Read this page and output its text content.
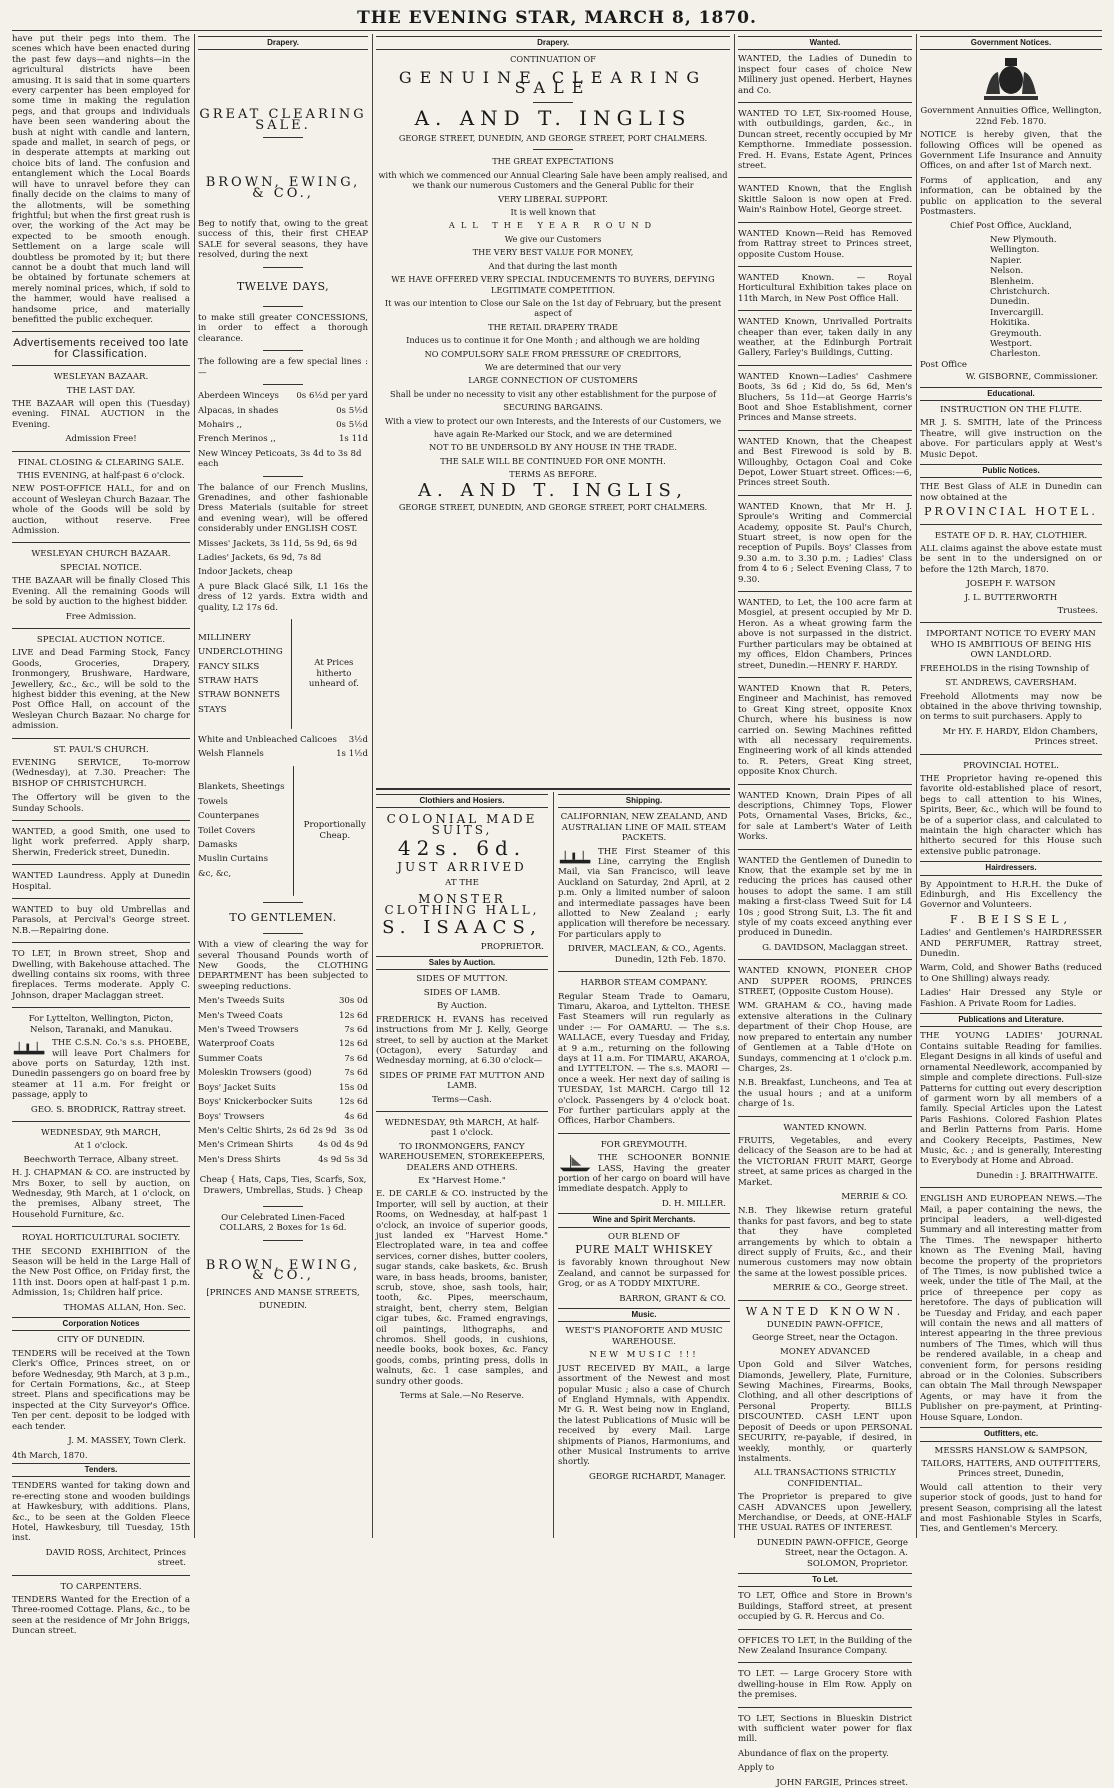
THE EVENING STAR, MARCH 8, 1870.

have put their pegs into them. The scenes which have been enacted during the past few days—and nights—in the agricultural districts have been amusing. It is said that in some quarters every carpenter has been employed for some time in making the regulation pegs, and that groups and individuals have been seen wandering about the bush at night with candle and lantern, spade and mallet, in search of pegs, or in desperate attempts at marking out choice bits of land. The confusion and entanglement which the Local Boards will have to unravel before they can finally decide on the claims to many of the allotments, will be something frightful; but when the first great rush is over, the working of the Act may be expected to be smooth enough. Settlement on a large scale will doubtless be promoted by it; but there cannot be a doubt that much land will be obtained by fortunate schemers at merely nominal prices, which, if sold to the hammer, would have realised a handsome price, and materially benefitted the public exchequer.

Advertisements received too late for Classification.
WESLEYAN BAZAAR.
THE LAST DAY.

THE BAZAAR will open this (Tuesday) evening. FINAL AUCTION in the Evening.

Admission Free!
FINAL CLOSING & CLEARING SALE.
THIS EVENING, at half-past 6 o'clock.

NEW POST-OFFICE HALL, for and on account of Wesleyan Church Bazaar. The whole of the Goods will be sold by auction, without reserve. Free Admission.

WESLEYAN CHURCH BAZAAR.
SPECIAL NOTICE.

THE BAZAAR will be finally Closed This Evening. All the remaining Goods will be sold by auction to the highest bidder.

Free Admission.
SPECIAL AUCTION NOTICE.

LIVE and Dead Farming Stock, Fancy Goods, Groceries, Drapery, Ironmongery, Brushware, Hardware, Jewellery, &c., &c., will be sold to the highest bidder this evening, at the New Post Office Hall, on account of the Wesleyan Church Bazaar. No charge for admission.

ST. PAUL'S CHURCH.

EVENING SERVICE, To-morrow (Wednesday), at 7.30. Preacher: The BISHOP OF CHRISTCHURCH.

The Offertory will be given to the Sunday Schools.

WANTED, a good Smith, one used to light work preferred. Apply sharp, Sherwin, Frederick street, Dunedin.

WANTED Laundress. Apply at Dunedin Hospital.

WANTED to buy old Umbrellas and Parasols, at Percival's George street. N.B.—Repairing done.

TO LET, in Brown street, Shop and Dwelling, with Bakehouse attached. The dwelling contains six rooms, with three fireplaces. Terms moderate. Apply C. Johnson, draper Maclaggan street.

For Lyttelton, Wellington, Picton, Nelson, Taranaki, and Manukau.

THE C.S.N. Co.'s s.s. PHOEBE, will leave Port Chalmers for above ports on Saturday, 12th inst. Dunedin passengers go on board free by steamer at 11 a.m. For freight or passage, apply to

GEO. S. BRODRICK, Rattray street.
WEDNESDAY, 9th MARCH,
At 1 o'clock.
Beechworth Terrace, Albany street.

H. J. CHAPMAN & CO. are instructed by Mrs Boxer, to sell by auction, on Wednesday, 9th March, at 1 o'clock, on the premises, Albany street, The Household Furniture, &c.

ROYAL HORTICULTURAL SOCIETY.

THE SECOND EXHIBITION of the Season will be held in the Large Hall of the New Post Office, on Friday first, the 11th inst. Doors open at half-past 1 p.m. Admission, 1s; Children half price.

THOMAS ALLAN, Hon. Sec.
Corporation Notices
CITY OF DUNEDIN.

TENDERS will be received at the Town Clerk's Office, Princes street, on or before Wednesday, 9th March, at 3 p.m., for Certain Formations, &c., at Steep street. Plans and specifications may be inspected at the City Surveyor's Office. Ten per cent. deposit to be lodged with each tender.

J. M. MASSEY, Town Clerk.
4th March, 1870.
Tenders.

TENDERS wanted for taking down and re-erecting stone and wooden buildings at Hawkesbury, with additions. Plans, &c., to be seen at the Golden Fleece Hotel, Hawkesbury, till Tuesday, 15th inst.

DAVID ROSS, Architect, Princes street.
TO CARPENTERS.

TENDERS Wanted for the Erection of a Three-roomed Cottage. Plans, &c., to be seen at the residence of Mr John Briggs, Duncan street.

Drapery.
GREAT CLEARING SALE.
BROWN, EWING, & CO.,

Beg to notify that, owing to the great success of this, their first CHEAP SALE for several seasons, they have resolved, during the next

TWELVE DAYS,

to make still greater CONCESSIONS, in order to effect a thorough clearance.

The following are a few special lines :—

Aberdeen Winceys 0s 6½d per yard
Alpacas, in shades	0s 5½d
Mohairs ,,	0s 5½d
French Merinos ,,	1s 11d
New Wincey Peticoats, 3s 4d to 3s 8d each

The balance of our French Muslins, Grenadines, and other fashionable Dress Materials (suitable for street and evening wear), will be offered considerably under ENGLISH COST.

Misses' Jackets, 3s 11d, 5s 9d, 6s 9d

Ladies' Jackets, 6s 9d, 7s 8d

Indoor Jackets, cheap

A pure Black Glacé Silk, L1 16s the dress of 12 yards. Extra width and quality, L2 17s 6d.

MILLINERY
UNDERCLOTHING
FANCY SILKS
STRAW HATS
STRAW BONNETS
STAYS
At Prices hitherto unheard of.
White and Unbleached Calicoes 3½d
Welsh Flannels	1s 1½d
Blankets, Sheetings
Towels
Counterpanes
Toilet Covers
Damasks
Muslin Curtains
&c, &c,
Proportionally Cheap.
TO GENTLEMEN.

With a view of clearing the way for several Thousand Pounds worth of New Goods, the CLOTHING DEPARTMENT has been subjected to sweeping reductions.

Men's Tweeds Suits	30s 0d
Men's Tweed Coats	12s 6d
Men's Tweed Trowsers	7s 6d
Waterproof Coats	12s 6d
Summer Coats	7s 6d
Moleskin Trowsers (good)	7s 6d
Boys' Jacket Suits	15s 0d
Boys' Knickerbocker Suits	12s 6d
Boys' Trowsers	4s 6d
Men's Celtic Shirts, 2s 6d 2s 9d 3s 0d
Men's Crimean Shirts	4s 0d 4s 9d
Men's Dress Shirts	4s 9d 5s 3d
Cheap { Hats, Caps, Ties, Scarfs, Sox, Drawers, Umbrellas, Studs. } Cheap
Our Celebrated Linen-Faced COLLARS, 2 Boxes for 1s 6d.
BROWN, EWING, & CO.,
[PRINCES AND MANSE STREETS,
DUNEDIN.
Drapery.
CONTINUATION OF
GENUINE CLEARING SALE
A. AND T. INGLIS
GEORGE STREET, DUNEDIN, AND GEORGE STREET, PORT CHALMERS.
THE GREAT EXPECTATIONS
with which we commenced our Annual Clearing Sale have been amply realised, and we thank our numerous Customers and the General Public for their
VERY LIBERAL SUPPORT.
It is well known that
ALL THE YEAR ROUND
We give our Customers
THE VERY BEST VALUE FOR MONEY,
And that during the last month
WE HAVE OFFERED VERY SPECIAL INDUCEMENTS TO BUYERS, DEFYING LEGITIMATE COMPETITION.
It was our intention to Close our Sale on the 1st day of February, but the present aspect of
THE RETAIL DRAPERY TRADE
Induces us to continue it for One Month ; and although we are holding
NO COMPULSORY SALE FROM PRESSURE OF CREDITORS,
We are determined that our very
LARGE CONNECTION OF CUSTOMERS
Shall be under no necessity to visit any other establishment for the purpose of
SECURING BARGAINS.
With a view to protect our own Interests, and the Interests of our Customers, we
have again Re-Marked our Stock, and we are determined
NOT TO BE UNDERSOLD BY ANY HOUSE IN THE TRADE.
THE SALE WILL BE CONTINUED FOR ONE MONTH.
TERMS AS BEFORE.
A. AND T. INGLIS,
GEORGE STREET, DUNEDIN, AND GEORGE STREET, PORT CHALMERS.
Clothiers and Hosiers.
COLONIAL MADE SUITS,
42s. 6d.
JUST ARRIVED
AT THE
MONSTER CLOTHING HALL,
S. ISAACS,
PROPRIETOR.
Sales by Auction.
SIDES OF MUTTON.
SIDES OF LAMB.
By Auction.

FREDERICK H. EVANS has received instructions from Mr J. Kelly, George street, to sell by auction at the Market (Octagon), every Saturday and Wednesday morning, at 6.30 o'clock—

SIDES OF PRIME FAT MUTTON AND LAMB.
Terms—Cash.
WEDNESDAY, 9th MARCH, At half-past 1 o'clock.
TO IRONMONGERS, FANCY WAREHOUSEMEN, STOREKEEPERS, DEALERS AND OTHERS.
Ex "Harvest Home."

E. DE CARLE & CO. instructed by the Importer, will sell by auction, at their Rooms, on Wednesday, at half-past 1 o'clock, an invoice of superior goods, just landed ex "Harvest Home." Electroplated ware, in tea and coffee services, corner dishes, butter coolers, sugar stands, cake baskets, &c. Brush ware, in bass heads, brooms, banister, scrub, stove, shoe, sash tools, hair, tooth, &c. Pipes, meerschaum, straight, bent, cherry stem, Belgian cigar tubes, &c. Framed engravings, oil paintings, lithographs, and chromos. Shell goods, in cushions, needle books, book boxes, &c. Fancy goods, combs, printing press, dolls in walnuts, &c. 1 case samples, and sundry other goods.

Terms at Sale.—No Reserve.
Shipping.
CALIFORNIAN, NEW ZEALAND, AND AUSTRALIAN LINE OF MAIL STEAM PACKETS.

THE First Steamer of this Line, carrying the English Mail, via San Francisco, will leave Auckland on Saturday, 2nd April, at 2 p.m. Only a limited number of saloon and intermediate passages have been allotted to New Zealand ; early application will therefore be necessary. For particulars apply to

DRIVER, MACLEAN, & CO., Agents. Dunedin, 12th Feb. 1870.
HARBOR STEAM COMPANY.

Regular Steam Trade to Oamaru, Timaru, Akaroa, and Lyttelton. THESE Fast Steamers will run regularly as under :— For OAMARU. — The s.s. WALLACE, every Tuesday and Friday, at 9 a.m., returning on the following days at 11 a.m. For TIMARU, AKAROA, and LYTTELTON. — The s.s. MAORI — once a week. Her next day of sailing is TUESDAY, 1st MARCH. Cargo till 12 o'clock. Passengers by 4 o'clock boat. For further particulars apply at the Offices, Harbor Chambers.

FOR GREYMOUTH.

THE SCHOONER BONNIE LASS, Having the greater portion of her cargo on board will have immediate despatch. Apply to

D. H. MILLER.
Wine and Spirit Merchants.
OUR BLEND OF
PURE MALT WHISKEY

is favorably known throughout New Zealand, and cannot be surpassed for Grog, or as A TODDY MIXTURE.

BARRON, GRANT & CO.
Music.
WEST'S PIANOFORTE AND MUSIC WAREHOUSE.
NEW MUSIC !!!

JUST RECEIVED BY MAIL, a large assortment of the Newest and most popular Music ; also a case of Church of England Hymnals, with Appendix. Mr G. R. West being now in England, the latest Publications of Music will be received by every Mail. Large shipments of Pianos, Harmoniums, and other Musical Instruments to arrive shortly.

GEORGE RICHARDT, Manager.
Wanted.

WANTED, the Ladies of Dunedin to inspect four cases of choice New Millinery just opened. Herbert, Haynes and Co.

WANTED TO LET, Six-roomed House, with outbuildings, garden, &c., in Duncan street, recently occupied by Mr Kempthorne. Immediate possession. Fred. H. Evans, Estate Agent, Princes street.

WANTED Known, that the English Skittle Saloon is now open at Fred. Wain's Rainbow Hotel, George street.

WANTED Known—Reid has Removed from Rattray street to Princes street, opposite Custom House.

WANTED Known. — Royal Horticultural Exhibition takes place on 11th March, in New Post Office Hall.

WANTED Known, Unrivalled Portraits cheaper than ever, taken daily in any weather, at the Edinburgh Portrait Gallery, Farley's Buildings, Cutting.

WANTED Known—Ladies' Cashmere Boots, 3s 6d ; Kid do, 5s 6d, Men's Bluchers, 5s 11d—at George Harris's Boot and Shoe Establishment, corner Princes and Manse streets.

WANTED Known, that the Cheapest and Best Firewood is sold by B. Willoughby, Octagon Coal and Coke Depot, Lower Stuart street. Offices:—6, Princes street South.

WANTED Known, that Mr H. J. Sproule's Writing and Commercial Academy, opposite St. Paul's Church, Stuart street, is now open for the reception of Pupils. Boys' Classes from 9.30 a.m. to 3.30 p.m. ; Ladies' Class from 4 to 6 ; Select Evening Class, 7 to 9.30.

WANTED, to Let, the 100 acre farm at Mosgiel, at present occupied by Mr D. Heron. As a wheat growing farm the above is not surpassed in the district. Further particulars may be obtained at my offices, Eldon Chambers, Princes street, Dunedin.—HENRY F. HARDY.

WANTED Known that R. Peters, Engineer and Machinist, has removed to Great King street, opposite Knox Church, where his business is now carried on. Sewing Machines refitted with all necessary requirements. Engineering work of all kinds attended to. R. Peters, Great King street, opposite Knox Church.

WANTED Known, Drain Pipes of all descriptions, Chimney Tops, Flower Pots, Ornamental Vases, Bricks, &c., for sale at Lambert's Water of Leith Works.

WANTED the Gentlemen of Dunedin to Know, that the example set by me in reducing the prices has caused other houses to adopt the same. I am still making a first-class Tweed Suit for L4 10s ; good Strong Suit, L3. The fit and style of my coats exceed anything ever produced in Dunedin.

G. DAVIDSON, Maclaggan street.

WANTED KNOWN, PIONEER CHOP AND SUPPER ROOMS, PRINCES STREET, (Opposite Custom House).

WM. GRAHAM & CO., having made extensive alterations in the Culinary department of their Chop House, are now prepared to entertain any number of Gentlemen at a Table d'Hote on Sundays, commencing at 1 o'clock p.m. Charges, 2s.

N.B. Breakfast, Luncheons, and Tea at the usual hours ; and at a uniform charge of 1s.

WANTED KNOWN.

FRUITS, Vegetables, and every delicacy of the Season are to be had at the VICTORIAN FRUIT MART, George street, at same prices as charged in the Market.

MERRIE & CO.

N.B. They likewise return grateful thanks for past favors, and beg to state that they have completed arrangements by which to obtain a direct supply of Fruits, &c., and their numerous customers may now obtain the same at the lowest possible prices.

MERRIE & CO., George street.
WANTED KNOWN.
DUNEDIN PAWN-OFFICE,
George Street, near the Octagon.
MONEY ADVANCED

Upon Gold and Silver Watches, Diamonds, Jewellery, Plate, Furniture, Sewing Machines, Firearms, Books, Clothing, and all other descriptions of Personal Property. BILLS DISCOUNTED. CASH LENT upon Deposit of Deeds or upon PERSONAL SECURITY, re-payable, if desired, in weekly, monthly, or quarterly instalments.

ALL TRANSACTIONS STRICTLY CONFIDENTIAL.

The Proprietor is prepared to give CASH ADVANCES upon Jewellery, Merchandise, or Deeds, at ONE-HALF THE USUAL RATES OF INTEREST.

DUNEDIN PAWN-OFFICE, George Street, near the Octagon. A. SOLOMON, Proprietor.
To Let.

TO LET, Office and Store in Brown's Buildings, Stafford street, at present occupied by G. R. Hercus and Co.

OFFICES TO LET, in the Building of the New Zealand Insurance Company.

TO LET. — Large Grocery Store with dwelling-house in Elm Row. Apply on the premises.

TO LET, Sections in Blueskin District with sufficient water power for flax mill.

Abundance of flax on the property.

Apply to

JOHN FARGIE, Princes street.
Government Notices.
Government Annuities Office, Wellington, 22nd Feb. 1870.

NOTICE is hereby given, that the following Offices will be opened as Government Life Insurance and Annuity Offices, on and after 1st of March next.

Forms of application, and any information, can be obtained by the public on application to the several Postmasters.

Chief Post Office, Auckland,
New Plymouth.
Wellington.
Napier.
Nelson.
Blenheim.
Christchurch.
Dunedin.
Invercargill.
Hokitika.
Greymouth.
Westport.
Charleston.
Post Office
W. GISBORNE, Commissioner.
Educational.
INSTRUCTION ON THE FLUTE.

MR J. S. SMITH, late of the Princess Theatre, will give instruction on the above. For particulars apply at West's Music Depot.

Public Notices.

THE Best Glass of ALE in Dunedin can now obtained at the

PROVINCIAL HOTEL.
ESTATE OF D. R. HAY, CLOTHIER.

ALL claims against the above estate must be sent in to the undersigned on or before the 12th March, 1870.

JOSEPH F. WATSON
J. L. BUTTERWORTH
Trustees.
IMPORTANT NOTICE TO EVERY MAN WHO IS AMBITIOUS OF BEING HIS OWN LANDLORD.

FREEHOLDS in the rising Township of

ST. ANDREWS, CAVERSHAM.

Freehold Allotments may now be obtained in the above thriving township, on terms to suit purchasers. Apply to

Mr HY. F. HARDY, Eldon Chambers, Princes street.
PROVINCIAL HOTEL.

THE Proprietor having re-opened this favorite old-established place of resort, begs to call attention to his Wines, Spirits, Beer, &c., which will be found to be of a superior class, and calculated to maintain the high character which has hitherto secured for this House such extensive public patronage.

Hairdressers.

By Appointment to H.R.H. the Duke of Edinburgh, and His Excellency the Governor and Volunteers.

F. BEISSEL,

Ladies' and Gentlemen's HAIRDRESSER AND PERFUMER, Rattray street, Dunedin.

Warm, Cold, and Shower Baths (reduced to One Shilling) always ready.

Ladies' Hair Dressed any Style or Fashion. A Private Room for Ladies.

Publications and Literature.

THE YOUNG LADIES' JOURNAL Contains suitable Reading for families. Elegant Designs in all kinds of useful and ornamental Needlework, accompanied by simple and complete directions. Full-size Patterns for cutting out every description of garment worn by all members of a family. Special Articles upon the Latest Paris Fashions. Colored Fashion Plates and Berlin Patterns from Paris. Home and Cookery Receipts, Pastimes, New Music, &c. ; and is generally, Interesting to Everybody at Home and Abroad.

Dunedin : J. BRAITHWAITE.

ENGLISH AND EUROPEAN NEWS.—The Mail, a paper containing the news, the principal leaders, a well-digested Summary and all interesting matter from The Times. The newspaper hitherto known as The Evening Mail, having become the property of the proprietors of The Times, is now published twice a week, under the title of The Mail, at the price of threepence per copy as heretofore. The days of publication will be Tuesday and Friday, and each paper will contain the news and all matters of interest appearing in the three previous numbers of The Times, which will thus be rendered available, in a cheap and convenient form, for persons residing abroad or in the Colonies. Subscribers can obtain The Mail through Newspaper Agents, or may have it from the Publisher on pre-payment, at Printing-House Square, London.

Outfitters, etc.
MESSRS HANSLOW & SAMPSON,
TAILORS, HATTERS, AND OUTFITTERS, Princes street, Dunedin,

Would call attention to their very superior stock of goods, just to hand for present Season, comprising all the latest and most Fashionable Styles in Scarfs, Ties, and Gentlemen's Mercery.
